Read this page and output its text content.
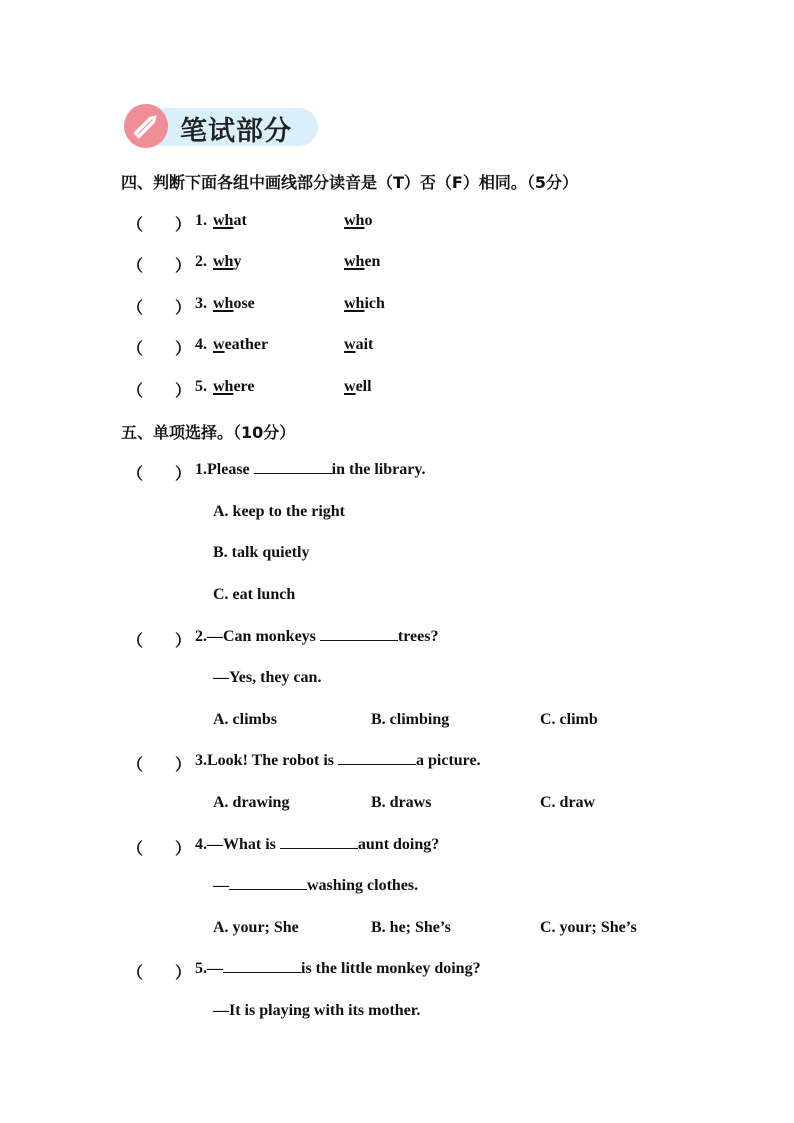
笔试部分
四、判断下面各组中画线部分读音是（T）否（F）相同。（5分）
（　　） 1. what	who
（　　） 2. why	when
（　　） 3. whose	which
（　　） 4. weather	wait
（　　） 5. where	well
五、单项选择。（10分）
（　　） 1.Please	in the library.
A. keep to the right
B. talk quietly
C. eat lunch
（　　） 2.—Can monkeys	trees?
—Yes, they can.
A. climbs	B. climbing	C. climb
（　　） 3.Look! The robot is	a picture.
A. drawing	B. draws	C. draw
（　　） 4.—What is	aunt doing?
—	washing clothes.
A. your; She	B. he; She’s	C. your; She’s
（　　） 5.—	is the little monkey doing?
—It is playing with its mother.
